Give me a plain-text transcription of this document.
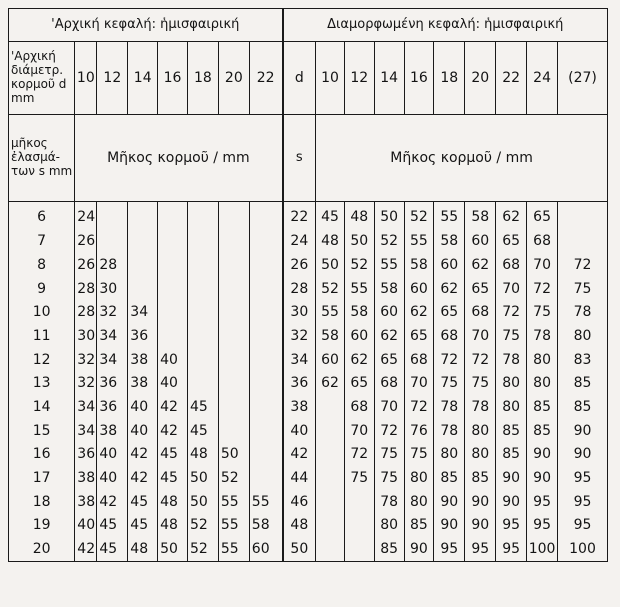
'Αρχική κεφαλή: ἡμισφαιρική								Διαμορφωμένη κεφαλή: ἡμισφαιρική									
'Αρχική διάμετρ. κορμοῦ d mm	10	12	14	16	18	20	22	d	10	12	14	16	18	20	22	24	(27)
μῆκος ἐλασμά-των s mm	Μῆκος κορμοῦ / mm							s	Μῆκος κορμοῦ / mm								
6	24							22	45	48	50	52	55	58	62	65	
7	26							24	48	50	52	55	58	60	65	68	
8	26	28						26	50	52	55	58	60	62	68	70	72
9	28	30						28	52	55	58	60	62	65	70	72	75
10	28	32	34					30	55	58	60	62	65	68	72	75	78
11	30	34	36					32	58	60	62	65	68	70	75	78	80
12	32	34	38	40				34	60	62	65	68	72	72	78	80	83
13	32	36	38	40				36	62	65	68	70	75	75	80	80	85
14	34	36	40	42	45			38		68	70	72	78	78	80	85	85
15	34	38	40	42	45			40		70	72	76	78	80	85	85	90
16	36	40	42	45	48	50		42		72	75	75	80	80	85	90	90
17	38	40	42	45	50	52		44		75	75	80	85	85	90	90	95
18	38	42	45	48	50	55	55	46			78	80	90	90	90	95	95
19	40	45	45	48	52	55	58	48			80	85	90	90	95	95	95
20	42	45	48	50	52	55	60	50			85	90	95	95	95	100	100
